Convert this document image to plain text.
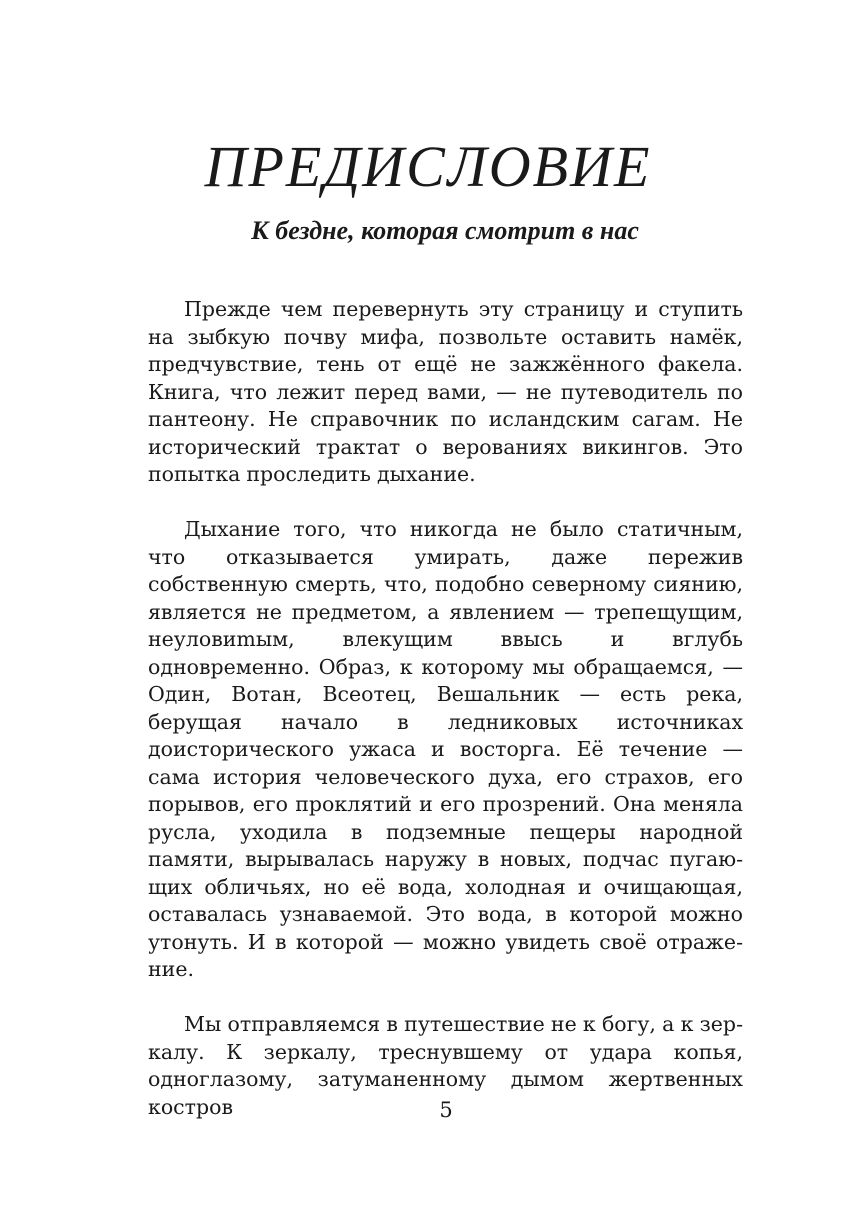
ПРЕДИСЛОВИЕ
К бездне, которая смотрит в нас

Прежде чем перевернуть эту страницу и ступить на зыбкую почву мифа, позвольте оставить намёк, предчувствие, тень от ещё не зажжённого факела. Книга, что лежит перед вами, — не путеводитель по пантеону. Не справочник по исландским сагам. Не исторический трактат о верованиях викингов. Это попытка проследить дыхание.

Дыхание того, что никогда не было статичным, что отказывается умирать, даже пережив собственную смерть, что, подобно северному сиянию, является не предметом, а явлением — трепещущим, неуловиmым, влекущим ввысь и вглубь одновременно. Образ, к которому мы обращаемся, — Один, Вотан, Всеотец, Вешальник — есть река, берущая начало в ледниковых источниках доисторического ужаса и восторга. Её течение — сама история человеческого духа, его страхов, его порывов, его проклятий и его прозрений. Она меняла русла, уходила в подземные пещеры народной памяти, вырывалась наружу в новых, подчас пугающих обличьях, но её вода, холодная и очищающая, оставалась узнаваемой. Это вода, в которой можно утонуть. И в которой — можно увидеть своё отражение.

Мы отправляемся в путешествие не к богу, а к зеркалу. К зеркалу, треснувшему от удара копья, одноглазому, затуманенному дымом жертвенных костров	5
